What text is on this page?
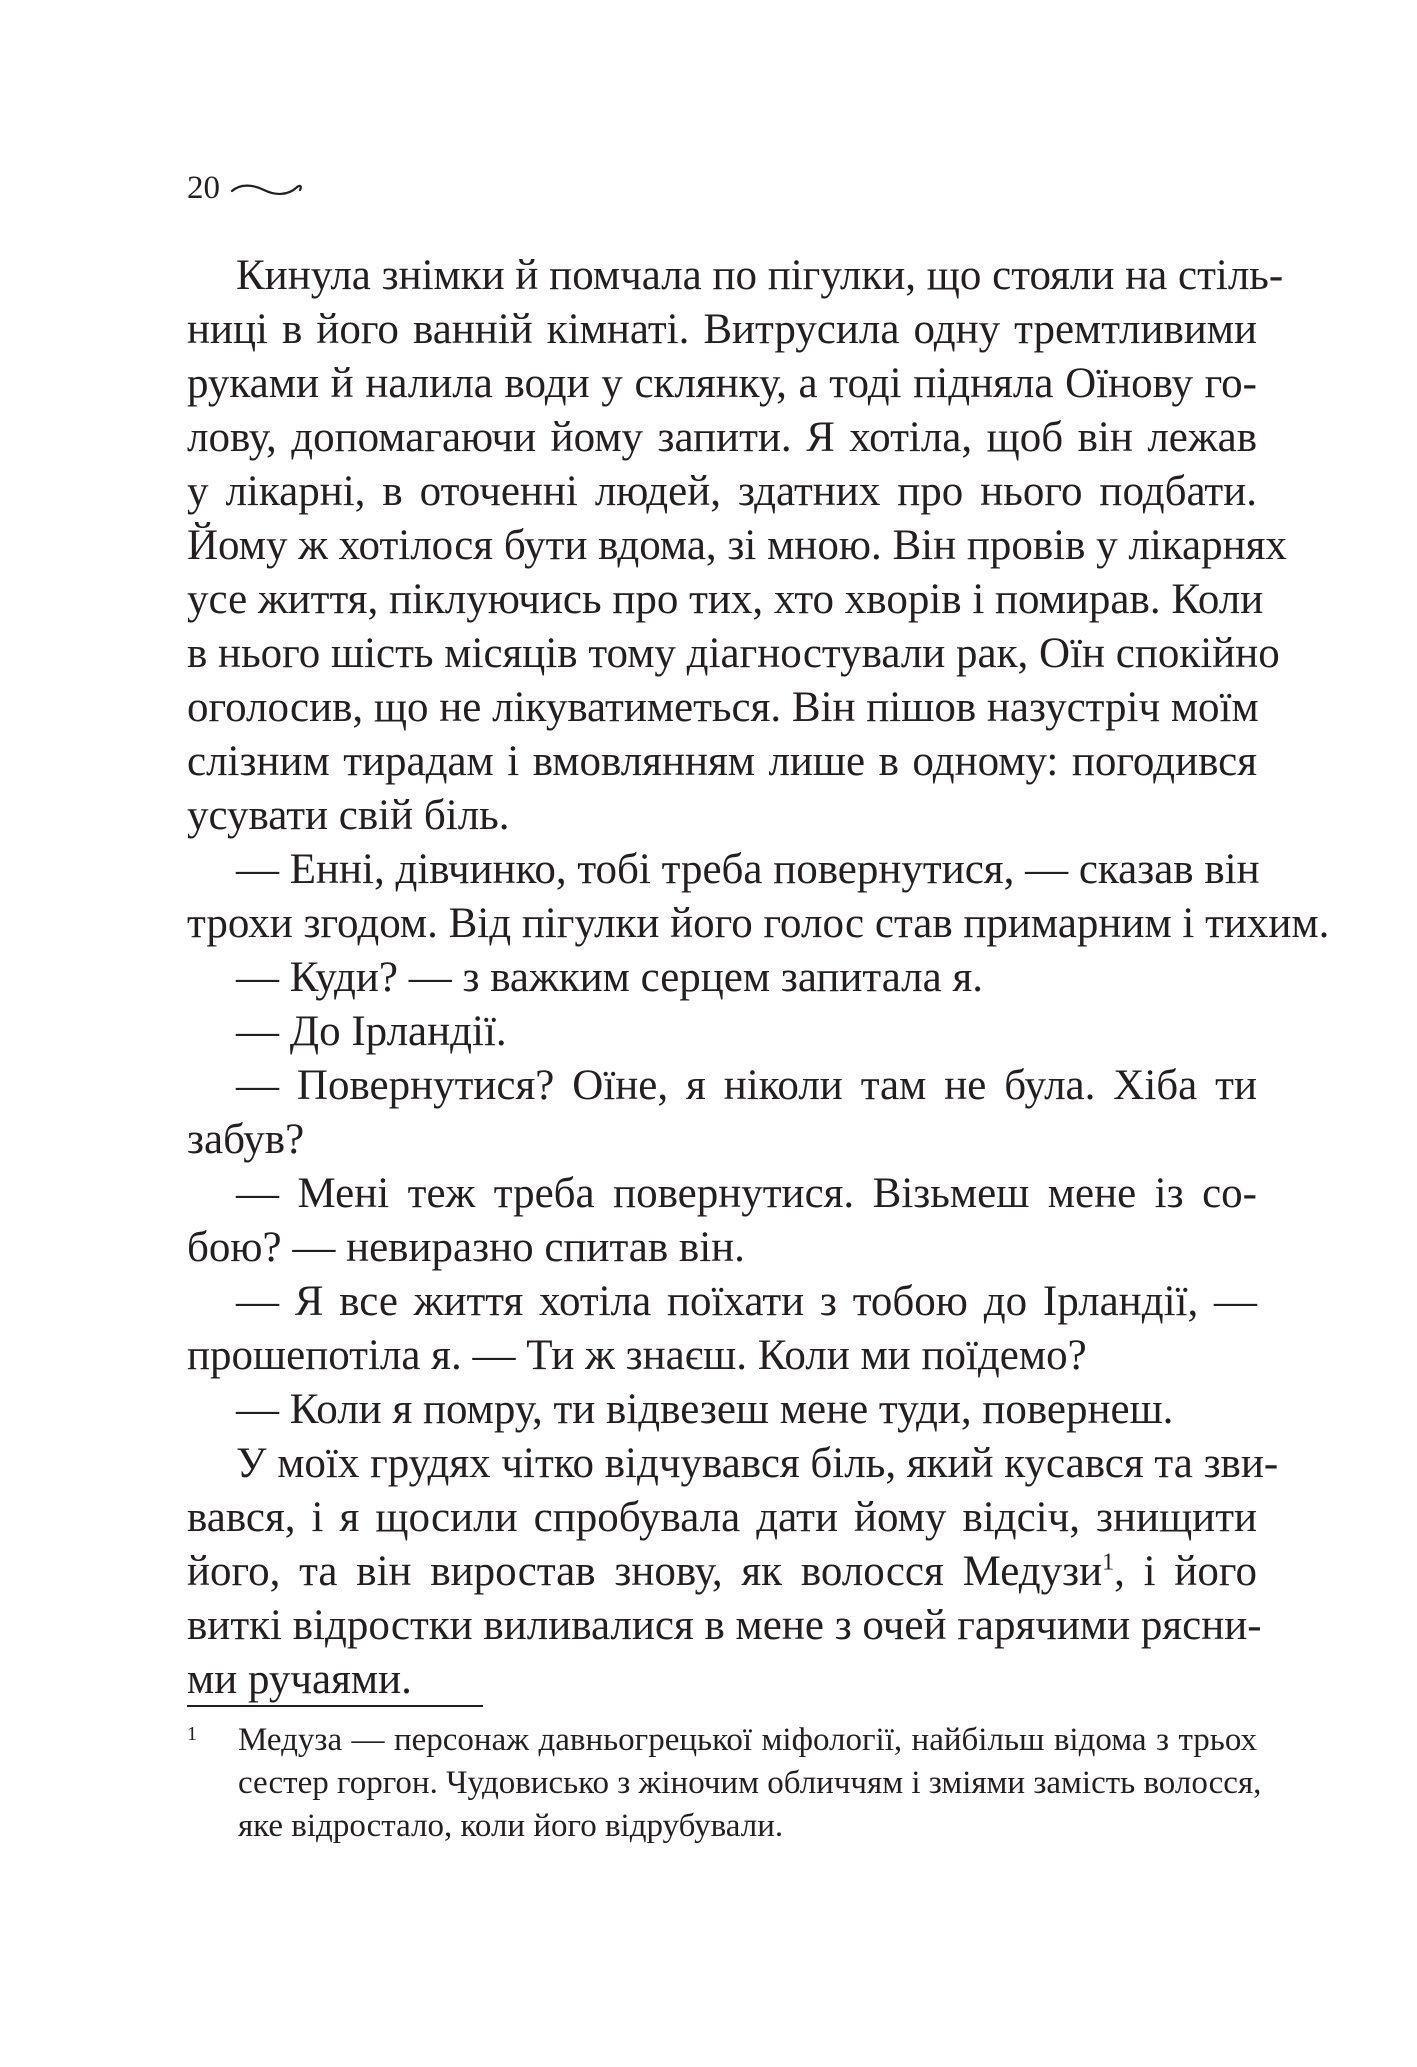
20
Кинула знімки й помчала по пігулки, що стояли на стіль-
ниці в його ванній кімнаті. Витрусила одну тремтливими
руками й налила води у склянку, а тоді підняла Оїнову го-
лову, допомагаючи йому запити. Я хотіла, щоб він лежав
у лікарні, в оточенні людей, здатних про нього подбати.
Йому ж хотілося бути вдома, зі мною. Він провів у лікарнях
усе життя, піклуючись про тих, хто хворів і помирав. Коли
в нього шість місяців тому діагностували рак, Оїн спокійно
оголосив, що не лікуватиметься. Він пішов назустріч моїм
слізним тирадам і вмовлянням лише в одному: погодився
усувати свій біль.
— Енні, дівчинко, тобі треба повернутися, — сказав він
трохи згодом. Від пігулки його голос став примарним і тихим.
— Куди? — з важким серцем запитала я.
— До Ірландії.
— Повернутися? Оїне, я ніколи там не була. Хіба ти
забув?
— Мені теж треба повернутися. Візьмеш мене із со-
бою? — невиразно спитав він.
— Я все життя хотіла поїхати з тобою до Ірландії, —
прошепотіла я. — Ти ж знаєш. Коли ми поїдемо?
— Коли я помру, ти відвезеш мене туди, повернеш.
У моїх грудях чітко відчувався біль, який кусався та зви-
вався, і я щосили спробувала дати йому відсіч, знищити
його, та він виростав знову, як волосся Медузи$^1$, і його
виткі відростки виливалися в мене з очей гарячими рясни-
ми ручаями.
1 Медуза — персонаж давньогрецької міфології, найбільш відома з трьох
сестер горгон. Чудовисько з жіночим обличчям і зміями замість волосся,
яке відростало, коли його відрубували.
